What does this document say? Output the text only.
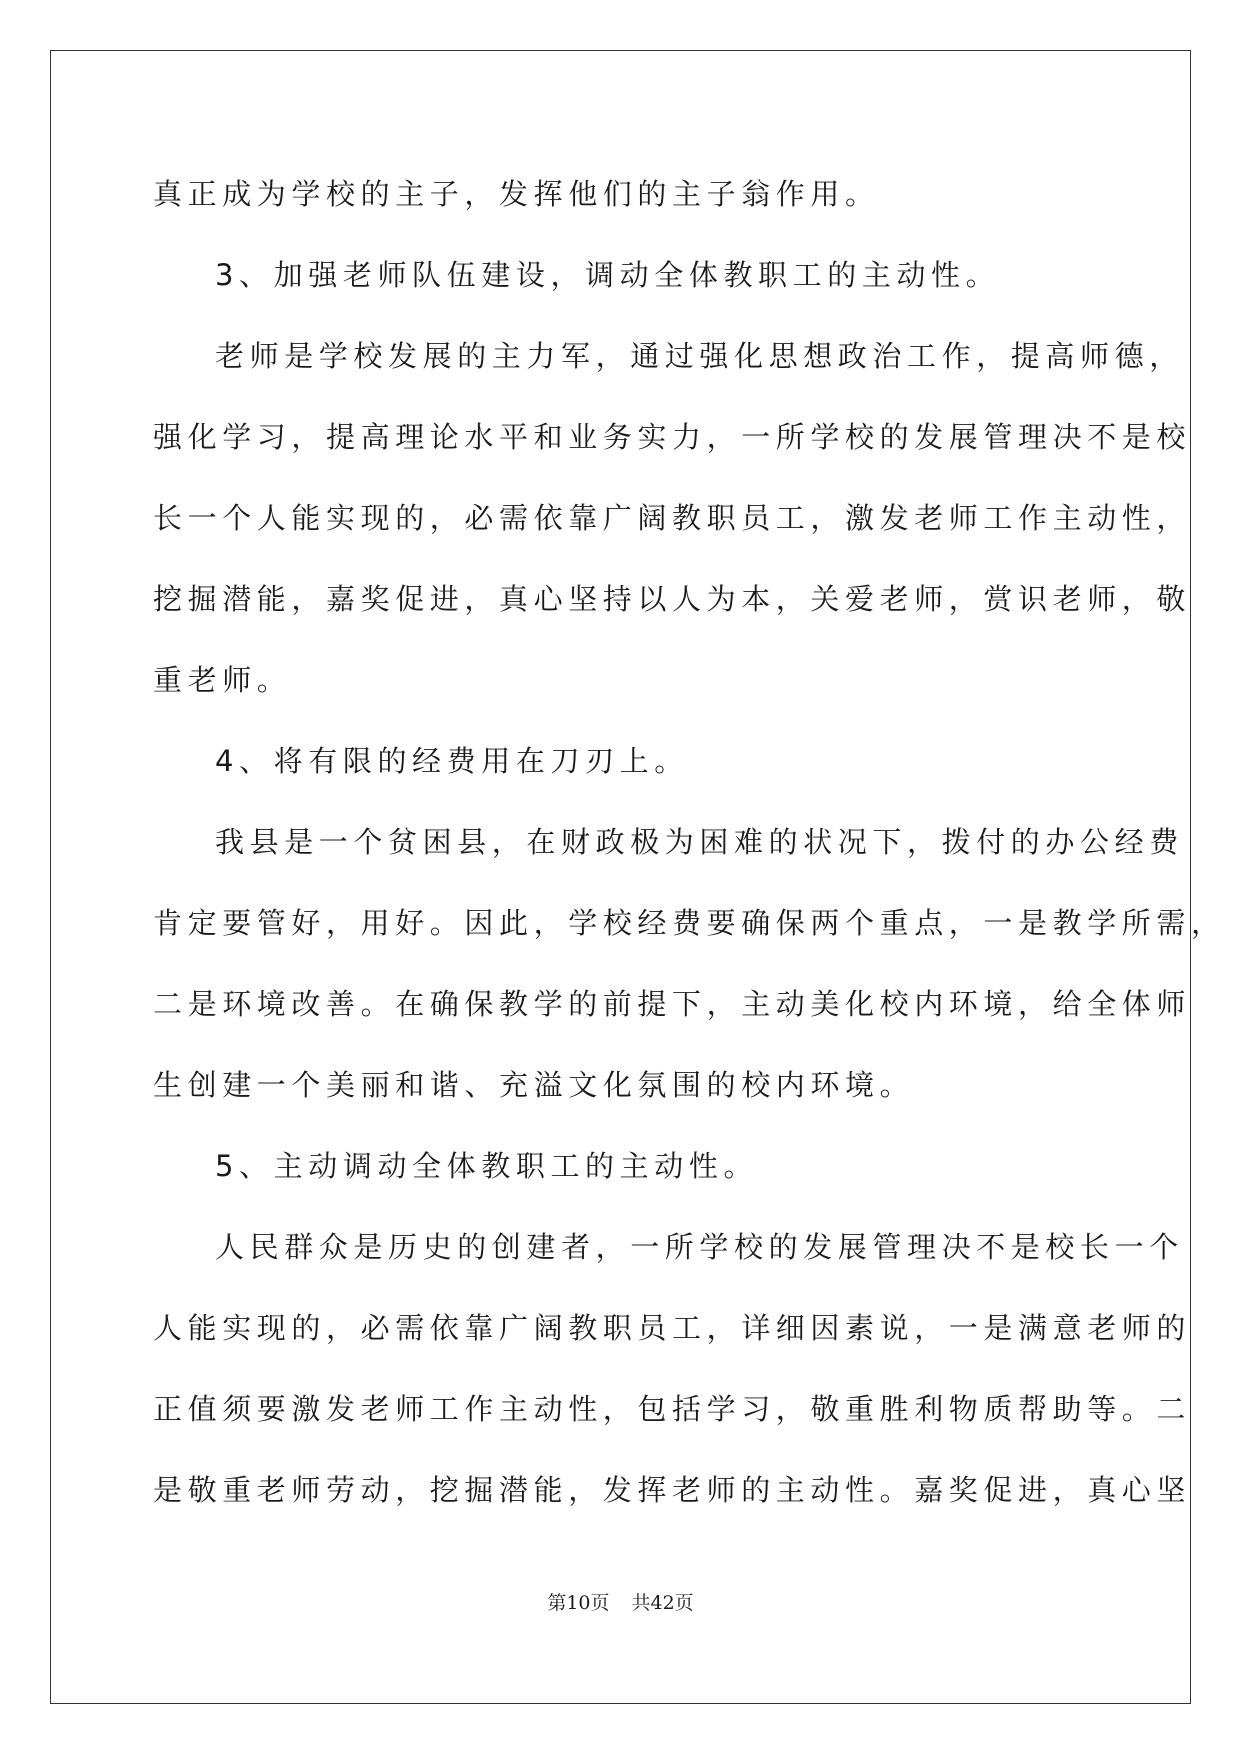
真正成为学校的主子，发挥他们的主子翁作用。

3、加强老师队伍建设，调动全体教职工的主动性。

老师是学校发展的主力军，通过强化思想政治工作，提高师德，

强化学习，提高理论水平和业务实力，一所学校的发展管理决不是校

长一个人能实现的，必需依靠广阔教职员工，激发老师工作主动性，

挖掘潜能，嘉奖促进，真心坚持以人为本，关爱老师，赏识老师，敬

重老师。

4、将有限的经费用在刀刃上。

我县是一个贫困县，在财政极为困难的状况下，拨付的办公经费

肯定要管好，用好。因此，学校经费要确保两个重点，一是教学所需，

二是环境改善。在确保教学的前提下，主动美化校内环境，给全体师

生创建一个美丽和谐、充溢文化氛围的校内环境。

5、主动调动全体教职工的主动性。

人民群众是历史的创建者，一所学校的发展管理决不是校长一个

人能实现的，必需依靠广阔教职员工，详细因素说，一是满意老师的

正值须要激发老师工作主动性，包括学习，敬重胜利物质帮助等。二

是敬重老师劳动，挖掘潜能，发挥老师的主动性。嘉奖促进，真心坚

第10页 共42页
